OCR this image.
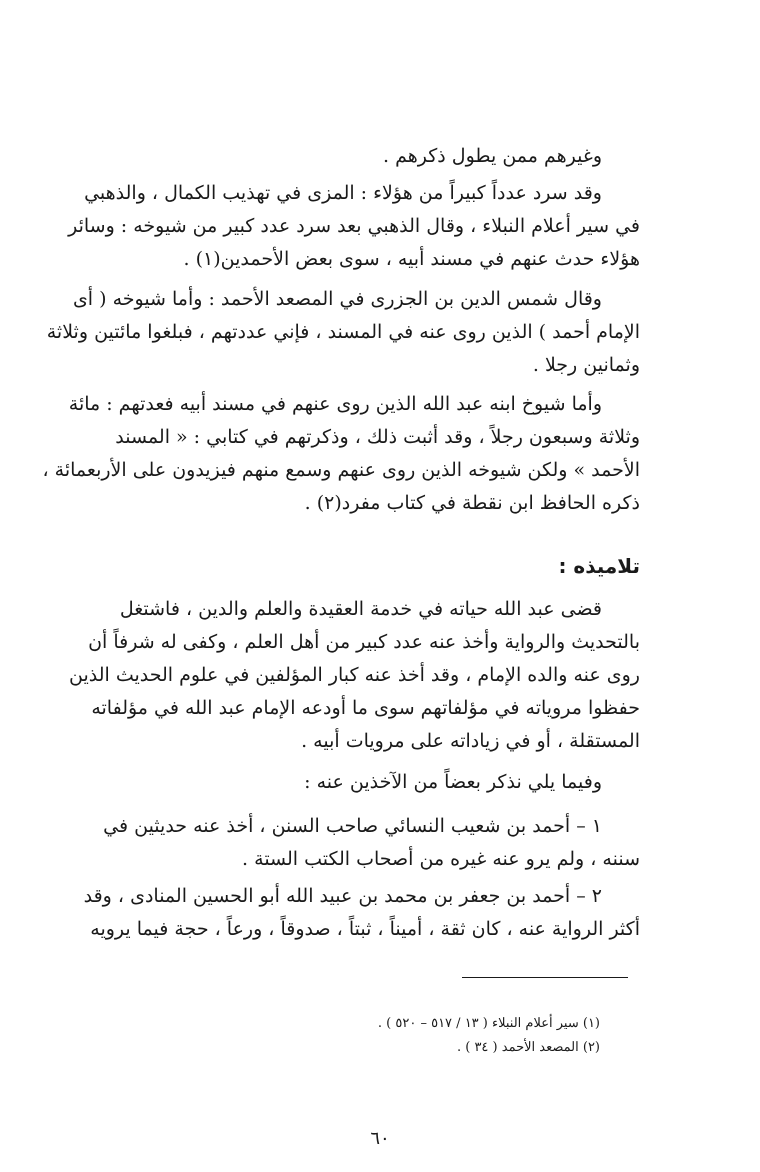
وغيرهم ممن يطول ذكرهم .
وقد سرد عدداً كبيراً من هؤلاء : المزى في تهذيب الكمال ، والذهبي
في سير أعلام النبلاء ، وقال الذهبي بعد سرد عدد كبير من شيوخه : وسائر
هؤلاء حدث عنهم في مسند أبيه ، سوى بعض الأحمدين(١) .
وقال شمس الدين بن الجزرى في المصعد الأحمد : وأما شيوخه ( أى
الإمام أحمد ) الذين روى عنه في المسند ، فإني عددتهم ، فبلغوا مائتين وثلاثة
وثمانين رجلا .
وأما شيوخ ابنه عبد الله الذين روى عنهم في مسند أبيه فعدتهم : مائة
وثلاثة وسبعون رجلاً ، وقد أثبت ذلك ، وذكرتهم في كتابي : « المسند
الأحمد » ولكن شيوخه الذين روى عنهم وسمع منهم فيزيدون على الأربعمائة ،
ذكره الحافظ ابن نقطة في كتاب مفرد(٢) .
قضى عبد الله حياته في خدمة العقيدة والعلم والدين ، فاشتغل
بالتحديث والرواية وأخذ عنه عدد كبير من أهل العلم ، وكفى له شرفاً أن
روى عنه والده الإمام ، وقد أخذ عنه كبار المؤلفين في علوم الحديث الذين
حفظوا مروياته في مؤلفاتهم سوى ما أودعه الإمام عبد الله في مؤلفاته
المستقلة ، أو في زياداته على مرويات أبيه .
وفيما يلي نذكر بعضاً من الآخذين عنه :
١ – أحمد بن شعيب النسائي صاحب السنن ، أخذ عنه حديثين في
سننه ، ولم يرو عنه غيره من أصحاب الكتب الستة .
٢ – أحمد بن جعفر بن محمد بن عبيد الله أبو الحسين المنادى ، وقد
أكثر الرواية عنه ، كان ثقة ، أميناً ، ثبتاً ، صدوقاً ، ورعاً ، حجة فيما يرويه
تلاميذه :
(١) سير أعلام النبلاء ( ١٣ / ٥١٧ – ٥٢٠ ) .
(٢) المصعد الأحمد ( ٣٤ ) .
٦٠
